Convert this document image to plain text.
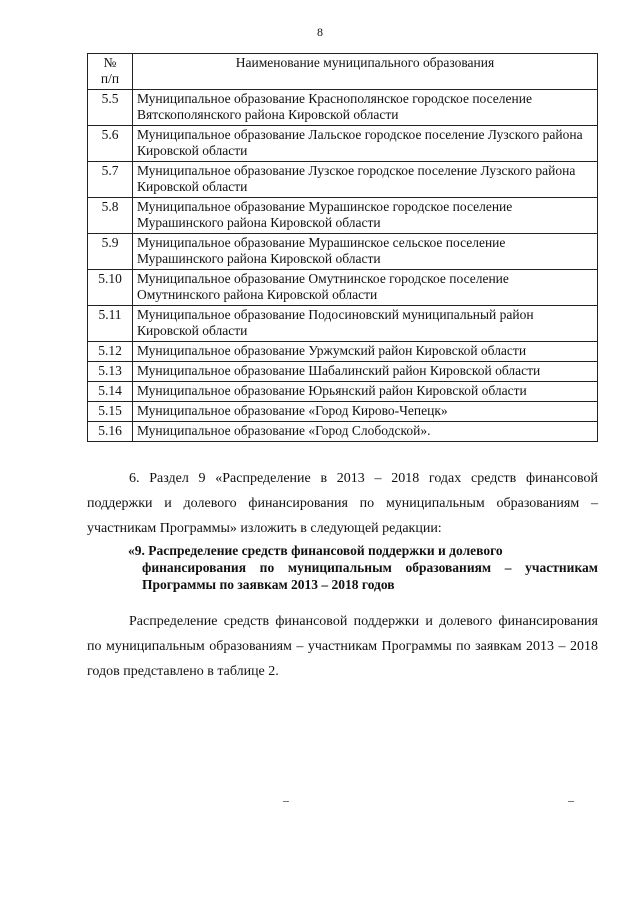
8
№
п/п	Наименование муниципального образования
5.5	Муниципальное образование Краснополянское городское поселение Вятскополянского района Кировской области
5.6	Муниципальное образование Лальское городское поселение Лузского района Кировской области
5.7	Муниципальное образование Лузское городское поселение Лузского района Кировской области
5.8	Муниципальное образование Мурашинское городское поселение Мурашинского района Кировской области
5.9	Муниципальное образование Мурашинское сельское поселение Мурашинского района Кировской области
5.10	Муниципальное образование Омутнинское городское поселение Омутнинского района Кировской области
5.11	Муниципальное образование Подосиновский муниципальный район Кировской области
5.12	Муниципальное образование Уржумский район Кировской области
5.13	Муниципальное образование Шабалинский район Кировской области
5.14	Муниципальное образование Юрьянский район Кировской области
5.15	Муниципальное образование «Город Кирово-Чепецк»
5.16	Муниципальное образование «Город Слободской».

6. Раздел 9 «Распределение в 2013 – 2018 годах средств финансовой поддержки и долевого финансирования по муниципальным образованиям – участникам Программы» изложить в следующей редакции:

«9. Распределение средств финансовой поддержки и долевого
финансирования по муниципальным образованиям – участникам Программы по заявкам 2013 – 2018 годов

Распределение средств финансовой поддержки и долевого финансирования по муниципальным образованиям – участникам Программы по заявкам 2013 – 2018 годов представлено в таблице 2.
